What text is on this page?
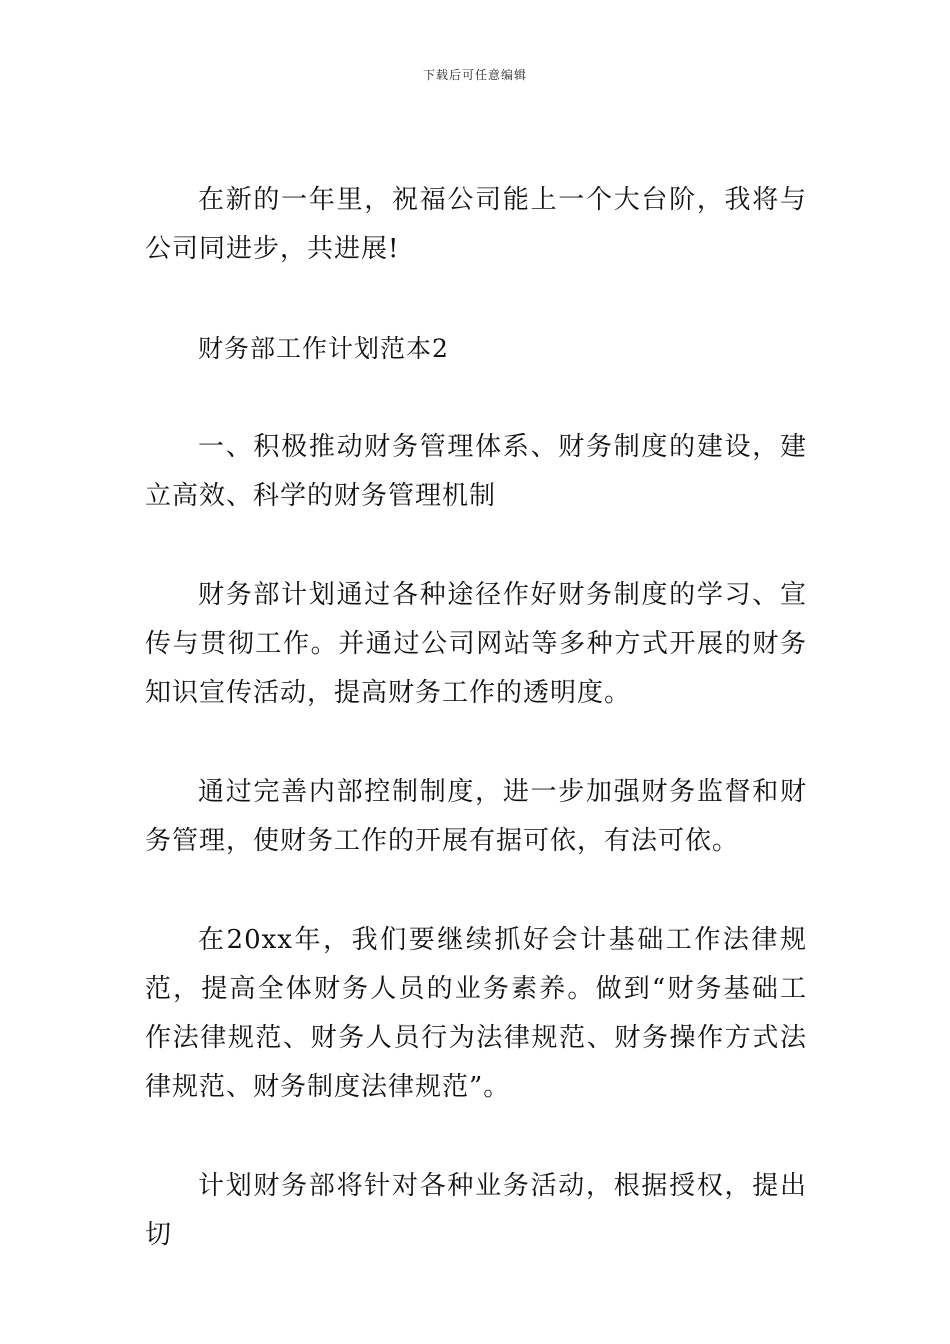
下载后可任意编辑

在新的一年里，祝福公司能上一个大台阶，我将与公司同进步，共进展!

财务部工作计划范本2

一、积极推动财务管理体系、财务制度的建设，建立高效、科学的财务管理机制

财务部计划通过各种途径作好财务制度的学习、宣传与贯彻工作。并通过公司网站等多种方式开展的财务知识宣传活动，提高财务工作的透明度。

通过完善内部控制制度，进一步加强财务监督和财务管理，使财务工作的开展有据可依，有法可依。

在20xx年，我们要继续抓好会计基础工作法律规范，提高全体财务人员的业务素养。做到“财务基础工作法律规范、财务人员行为法律规范、财务操作方式法律规范、财务制度法律规范”。

计划财务部将针对各种业务活动，根据授权，提出切
